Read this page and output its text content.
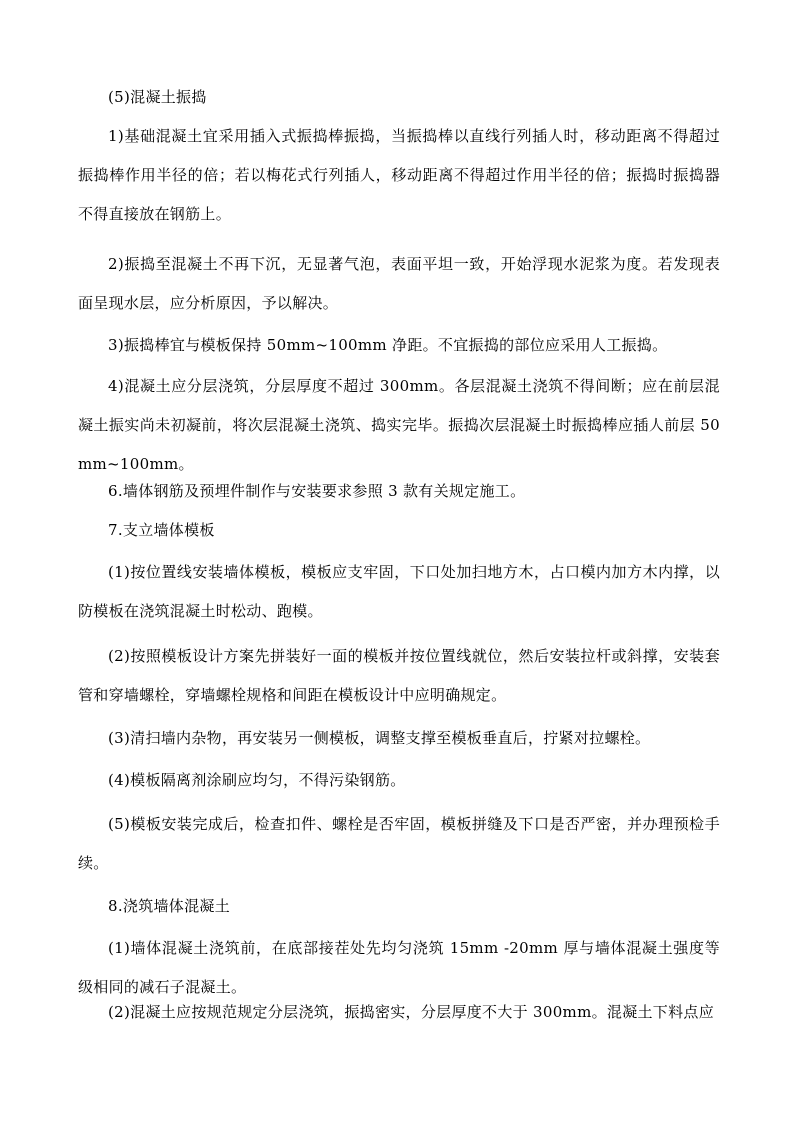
(5)混凝土振捣

1)基础混凝土宜采用插入式振捣棒振捣，当振捣棒以直线行列插人时，移动距离不得超过振捣棒作用半径的倍；若以梅花式行列插人，移动距离不得超过作用半径的倍；振捣时振捣器不得直接放在钢筋上。

2)振捣至混凝土不再下沉，无显著气泡，表面平坦一致，开始浮现水泥浆为度。若发现表面呈现水层，应分析原因，予以解决。

3)振捣棒宜与模板保持 50mm~100mm 净距。不宜振捣的部位应采用人工振捣。

4)混凝土应分层浇筑，分层厚度不超过 300mm。各层混凝土浇筑不得间断；应在前层混凝土振实尚未初凝前，将次层混凝土浇筑、捣实完毕。振捣次层混凝土时振捣棒应插人前层 50mm~100mm。

6.墙体钢筋及预埋件制作与安装要求参照 3 款有关规定施工。

7.支立墙体模板

(1)按位置线安装墙体模板，模板应支牢固，下口处加扫地方木，占口模内加方木内撑，以防模板在浇筑混凝土时松动、跑模。

(2)按照模板设计方案先拼装好一面的模板并按位置线就位，然后安装拉杆或斜撑，安装套管和穿墙螺栓，穿墙螺栓规格和间距在模板设计中应明确规定。

(3)清扫墙内杂物，再安装另一侧模板，调整支撑至模板垂直后，拧紧对拉螺栓。

(4)模板隔离剂涂刷应均匀，不得污染钢筋。

(5)模板安装完成后，检查扣件、螺栓是否牢固，模板拼缝及下口是否严密，并办理预检手续。

8.浇筑墙体混凝土

(1)墙体混凝土浇筑前，在底部接茬处先均匀浇筑 15mm -20mm 厚与墙体混凝土强度等级相同的减石子混凝土。

(2)混凝土应按规范规定分层浇筑，振捣密实，分层厚度不大于 300mm。混凝土下料点应
